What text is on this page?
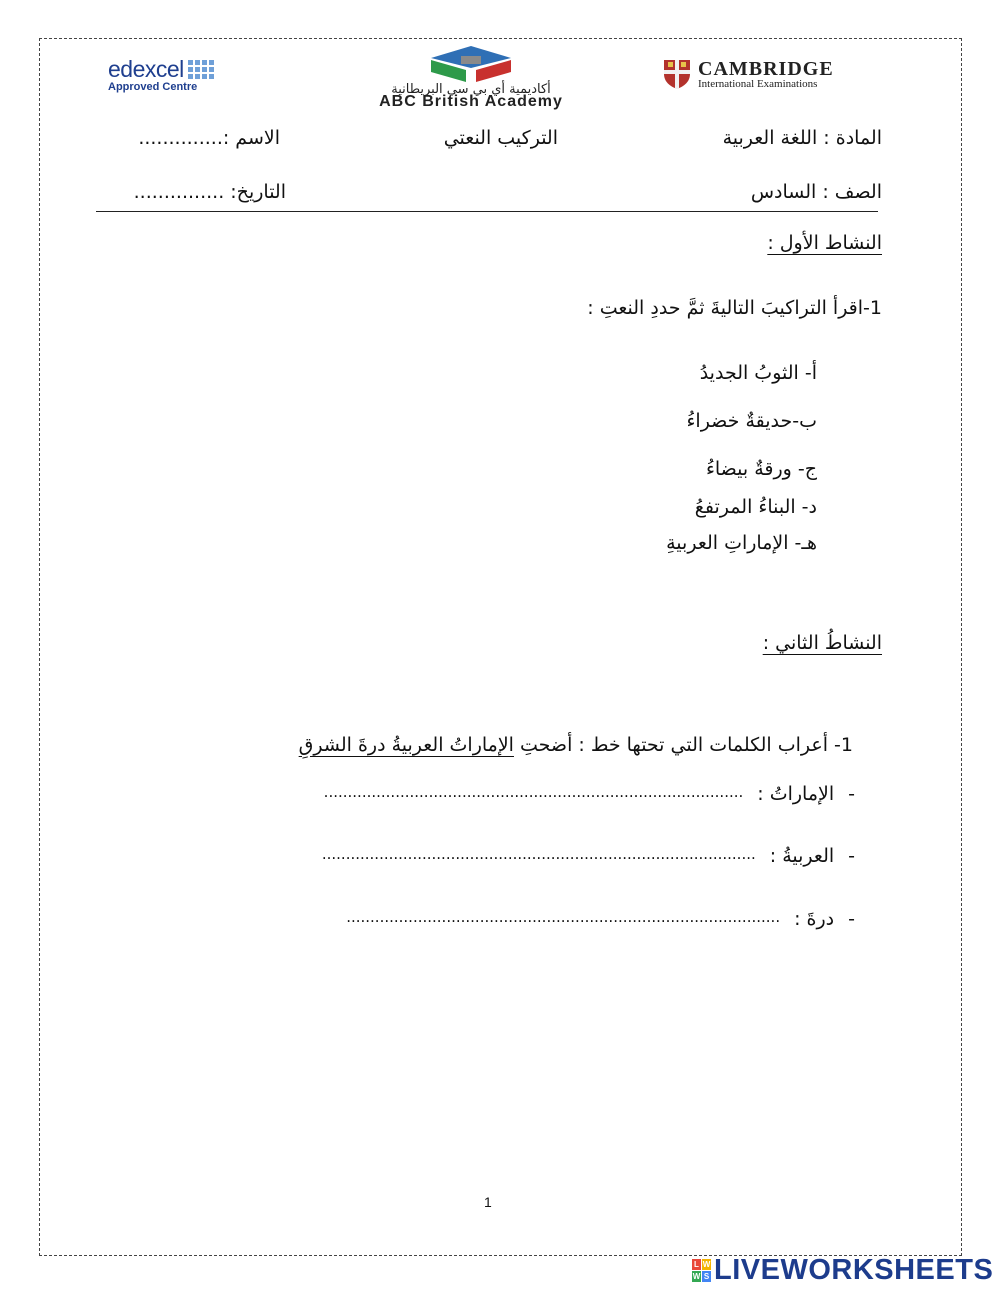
edexcel
Approved Centre	أكاديمية أي بي سي البريطانية
ABC British Academy
CAMBRIDGE
International Examinations
المادة : اللغة العربية
التركيب النعتي
الاسم :..............
الصف : السادس
التاريخ: ...............
النشاط الأول :
1-اقرأ التراكيبَ التاليةَ ثمَّ حددِ النعتِ :
أ- الثوبُ الجديدُ
ب-حديقةٌ خضراءُ
ج- ورقةٌ بيضاءُ
د- البناءُ المرتفعُ
هـ- الإماراتِ العربيةِ
النشاطُ الثاني :
1- أعراب الكلمات التي تحتها خط : أضحتِ الإماراتُ العربيةُ درةَ الشرقِ
-
الإماراتُ :
........................................................................................
-
العربيةُ :
...........................................................................................
-
درةَ :
...........................................................................................
1
L W
W S LIVEWORKSHEETS
